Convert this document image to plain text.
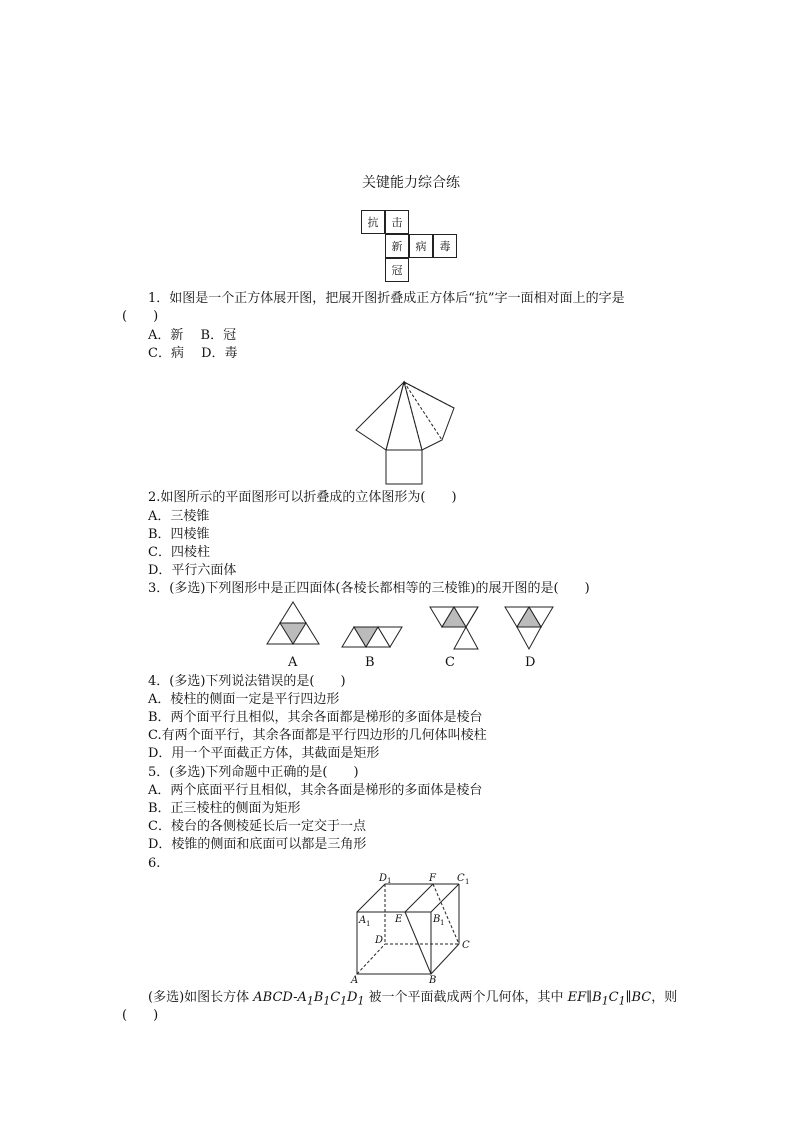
关键能力综合练
抗 击
新 病 毒
冠
1．如图是一个正方体展开图，把展开图折叠成正方体后“抗”字一面相对面上的字是
(　　)
A．新　 B．冠
C．病　 D．毒
2.如图所示的平面图形可以折叠成的立体图形为(　　)
A．三棱锥
B．四棱锥
C．四棱柱
D．平行六面体
3．(多选)下列图形中是正四面体(各棱长都相等的三棱锥)的展开图的是(　　)
A	B	C	D
4．(多选)下列说法错误的是(　　)
A．棱柱的侧面一定是平行四边形
B．两个面平行且相似，其余各面都是梯形的多面体是棱台
C.有两个面平行，其余各面都是平行四边形的几何体叫棱柱
D．用一个平面截正方体，其截面是矩形
5．(多选)下列命题中正确的是(　　)
A．两个底面平行且相似，其余各面是梯形的多面体是棱台
B．正三棱柱的侧面为矩形
C．棱台的各侧棱延长后一定交于一点
D．棱锥的侧面和底面可以都是三角形
6.
D 1	F C 1
A 1 E	B 1
D	C
A	B
(多选)如图长方体 ABCD-$A_1B_1C_1D_1$ 被一个平面截成两个几何体，其中 $EF\parallel B_1C_1\parallel BC$，则
(　　)
